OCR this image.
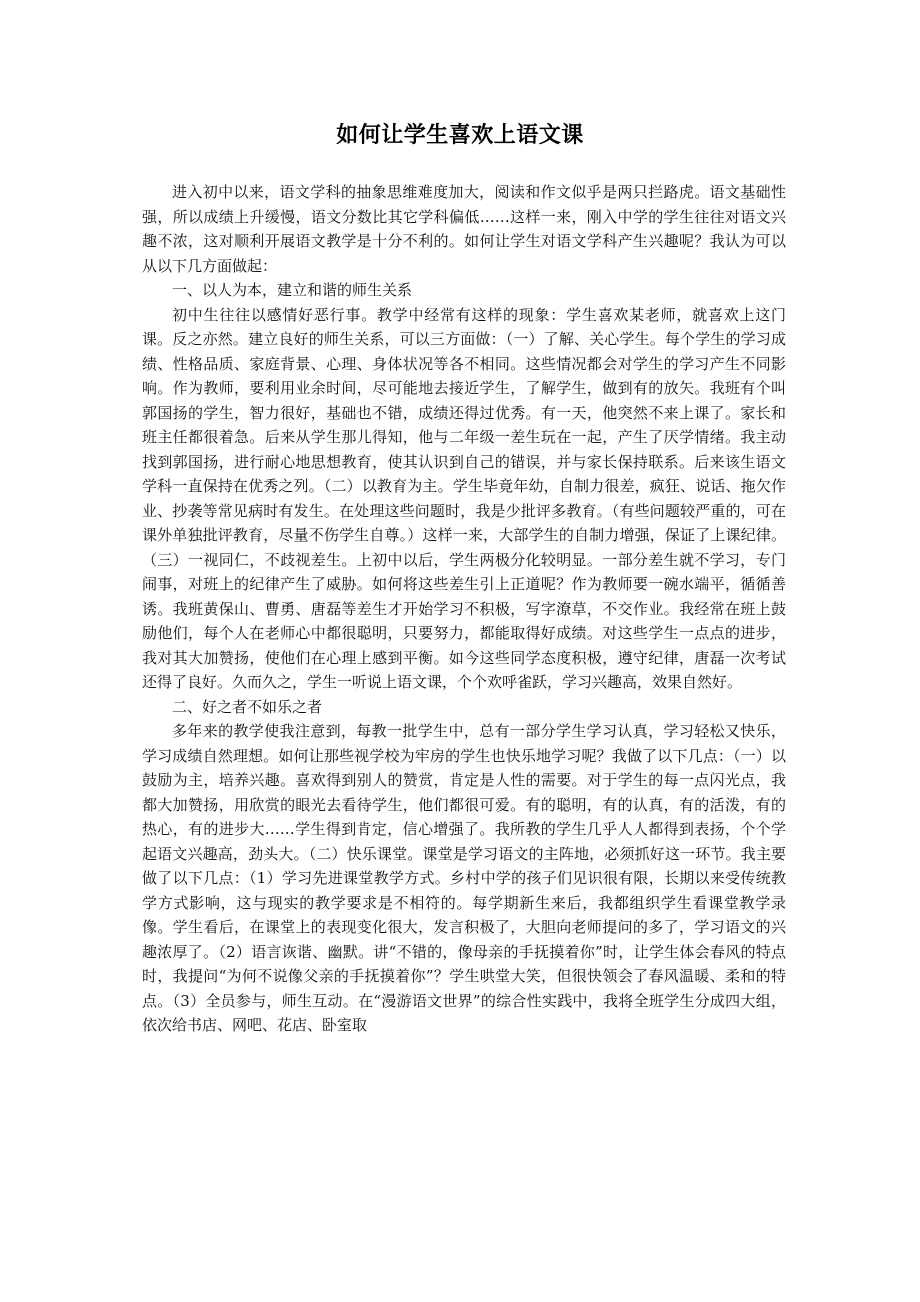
如何让学生喜欢上语文课

进入初中以来，语文学科的抽象思维难度加大，阅读和作文似乎是两只拦路虎。语文基础性强，所以成绩上升缓慢，语文分数比其它学科偏低……这样一来，刚入中学的学生往往对语文兴趣不浓，这对顺利开展语文教学是十分不利的。如何让学生对语文学科产生兴趣呢？我认为可以从以下几方面做起：

一、以人为本，建立和谐的师生关系

初中生往往以感情好恶行事。教学中经常有这样的现象：学生喜欢某老师，就喜欢上这门课。反之亦然。建立良好的师生关系，可以三方面做：（一）了解、关心学生。每个学生的学习成绩、性格品质、家庭背景、心理、身体状况等各不相同。这些情况都会对学生的学习产生不同影响。作为教师，要利用业余时间，尽可能地去接近学生，了解学生，做到有的放矢。我班有个叫郭国扬的学生，智力很好，基础也不错，成绩还得过优秀。有一天，他突然不来上课了。家长和班主任都很着急。后来从学生那儿得知，他与二年级一差生玩在一起，产生了厌学情绪。我主动找到郭国扬，进行耐心地思想教育，使其认识到自己的错误，并与家长保持联系。后来该生语文学科一直保持在优秀之列。（二）以教育为主。学生毕竟年幼，自制力很差，疯狂、说话、拖欠作业、抄袭等常见病时有发生。在处理这些问题时，我是少批评多教育。（有些问题较严重的，可在课外单独批评教育，尽量不伤学生自尊。）这样一来，大部学生的自制力增强，保证了上课纪律。（三）一视同仁，不歧视差生。上初中以后，学生两极分化较明显。一部分差生就不学习，专门闹事，对班上的纪律产生了威胁。如何将这些差生引上正道呢？作为教师要一碗水端平，循循善诱。我班黄保山、曹勇、唐磊等差生才开始学习不积极，写字潦草，不交作业。我经常在班上鼓励他们，每个人在老师心中都很聪明，只要努力，都能取得好成绩。对这些学生一点点的进步，我对其大加赞扬，使他们在心理上感到平衡。如今这些同学态度积极，遵守纪律，唐磊一次考试还得了良好。久而久之，学生一听说上语文课，个个欢呼雀跃，学习兴趣高，效果自然好。

二、好之者不如乐之者

多年来的教学使我注意到，每教一批学生中，总有一部分学生学习认真，学习轻松又快乐，学习成绩自然理想。如何让那些视学校为牢房的学生也快乐地学习呢？我做了以下几点：（一）以鼓励为主，培养兴趣。喜欢得到别人的赞赏，肯定是人性的需要。对于学生的每一点闪光点，我都大加赞扬，用欣赏的眼光去看待学生，他们都很可爱。有的聪明，有的认真，有的活泼，有的热心，有的进步大……学生得到肯定，信心增强了。我所教的学生几乎人人都得到表扬，个个学起语文兴趣高，劲头大。（二）快乐课堂。课堂是学习语文的主阵地，必须抓好这一环节。我主要做了以下几点：（1）学习先进课堂教学方式。乡村中学的孩子们见识很有限，长期以来受传统教学方式影响，这与现实的教学要求是不相符的。每学期新生来后，我都组织学生看课堂教学录像。学生看后，在课堂上的表现变化很大，发言积极了，大胆向老师提问的多了，学习语文的兴趣浓厚了。（2）语言诙谐、幽默。讲“不错的，像母亲的手抚摸着你”时，让学生体会春风的特点时，我提问“为何不说像父亲的手抚摸着你”？学生哄堂大笑，但很快领会了春风温暖、柔和的特点。（3）全员参与，师生互动。在“漫游语文世界”的综合性实践中，我将全班学生分成四大组，依次给书店、网吧、花店、卧室取
